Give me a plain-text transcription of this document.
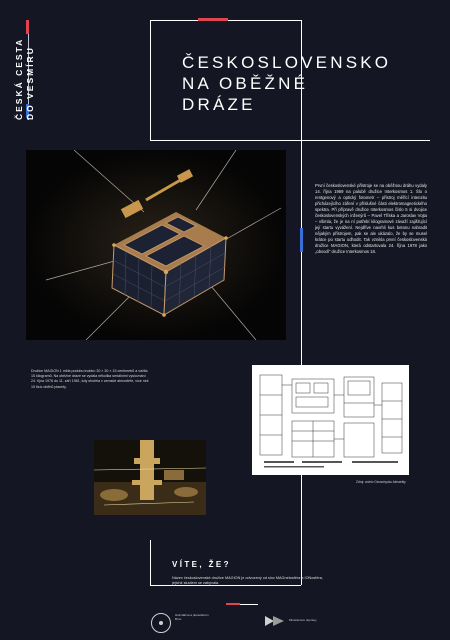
ČESKÁ CESTA DO VESMÍRU	ČESKOSLOVENSKO
NA OBĚŽNÉ
DRÁZE
První československé přístroje se na oběžnou dráhu vydaly 14. října 1969 na palubě družice Interkosmos 1. Šlo o rentgenový a optický fotometr – přístroj měřící intenzitu přicházejícího záření v příslušné části elektromagnetického spektra. Při přípravě družice Interkosmos číslo 5 si dvojice československých inženýrů – Pavel Tříska a Jaroslav Vojta – všimla, že je na ní potřebí kilogramové závaží zajišťující její startu vyvážení. Nejdříve navrhli kus betonu nahradit nějakým přístrojem, pak se ale ukázalo, že by se musel krátce po startu odhodit. Tak vznikla první československá družice MAGION, která odstartovala 24. října 1978 jako „obvodí“ družice Interkosmos 18.
Družice MAGION 1 měla podobu kvádru 30 × 30 × 15 centimetrů a vážila 15 kilogramů. Na oběžné dráze se vydala několika seriálními vyslovnání 24. října 1978 do 11. září 1981, kdy shořela v zemské atmosféře, více než 15 tisíc oběhů planety.
Zdroj: archiv Geoschycku Almaetky
VÍTE, ŽE?
Název československé družice MAGION je odvozený od slov MAGnetosféra a IONosféra, jejichž studiem se zabývala.
Hvězdárna a planetárium Brno	Ministerstvo dopravy
